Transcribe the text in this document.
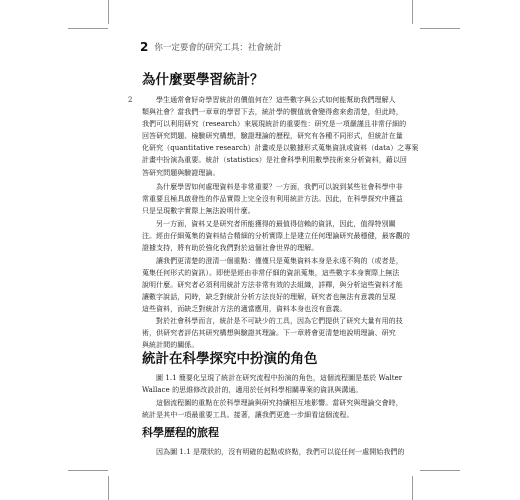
2 你一定要會的研究工具：社會統計
為什麼要學習統計？
2	學生通常會好奇學習統計的價值何在？這些數字與公式如何能幫助我們理解人
類與社會？當我們一章章的學習下去，統計學的價值就會變得愈來愈清楚，但此時，
我們可以利用研究（research）來展現統計的重要性：研究是一項嚴謹且非常仔細的
回答研究問題、檢驗研究構想，驗證理論的歷程，研究有各種不同形式，但統計在量
化研究（quantitative research）計畫或是以數據形式蒐集資訊或資料（data）之專案
計畫中扮演為重要。統計（statistics）是社會科學利用數學技術來分析資料，藉以回
答研究問題與驗證理論。
為什麼學習如何處理資料是非常重要？一方面，我們可以說到某些社會科學中非
常重要且極具啟發性的作品實際上完全沒有利用統計方法。因此，在科學探究中獲益
只是呈現數字實際上無法說明什麼。
另一方面，資料又是研究者所能獲得的最值得信賴的資訊，因此，值得特別關
注。經由仔細蒐集的資料結合精細的分析實際上是建立任何理論研究最穩健，最客觀的
證據支持，將有助於強化我們對於這個社會世界的理解。
讓我們更清楚的澄清一個重點：僅僅只是蒐集資料本身是永遠不夠的（或者是，
蒐集任何形式的資訊）。即使是經由非常仔細的資訊蒐集，這些數字本身實際上無法
說明什麼。研究者必須利用統計方法非常有效的去組織，詳釋，與分析這些資料才能
讓數字說話，同時，缺乏對統計分析方法良好的理解，研究者也無法有意義的呈現
這些資料，而缺乏對統計方法的適當應用，資料本身也沒有意義。
對於社會科學而言，統計是不可缺少的工具，因為它們提供了研究大量有用的技
術，供研究者評估其研究構想與驗證其理論。下一章將會更清楚地說明理論、研究
與統計間的關係。
統計在科學探究中扮演的角色
圖 1.1 簡要化呈現了統計在研究流程中扮演的角色，這個流程圖是基於 Walter
Wallace 的思維修改設計的，適用於任何科學相關專案的資訊與溝通。
這個流程圖的重點在於科學理論與研究持續相互地影響。當研究與理論交會時，
統計是其中一項最重要工具。接著，讓我們更進一步細看這個流程。
科學歷程的旅程
因為圖 1.1 是環狀的，沒有明確的起點或終點，我們可以從任何一處開始我們的
